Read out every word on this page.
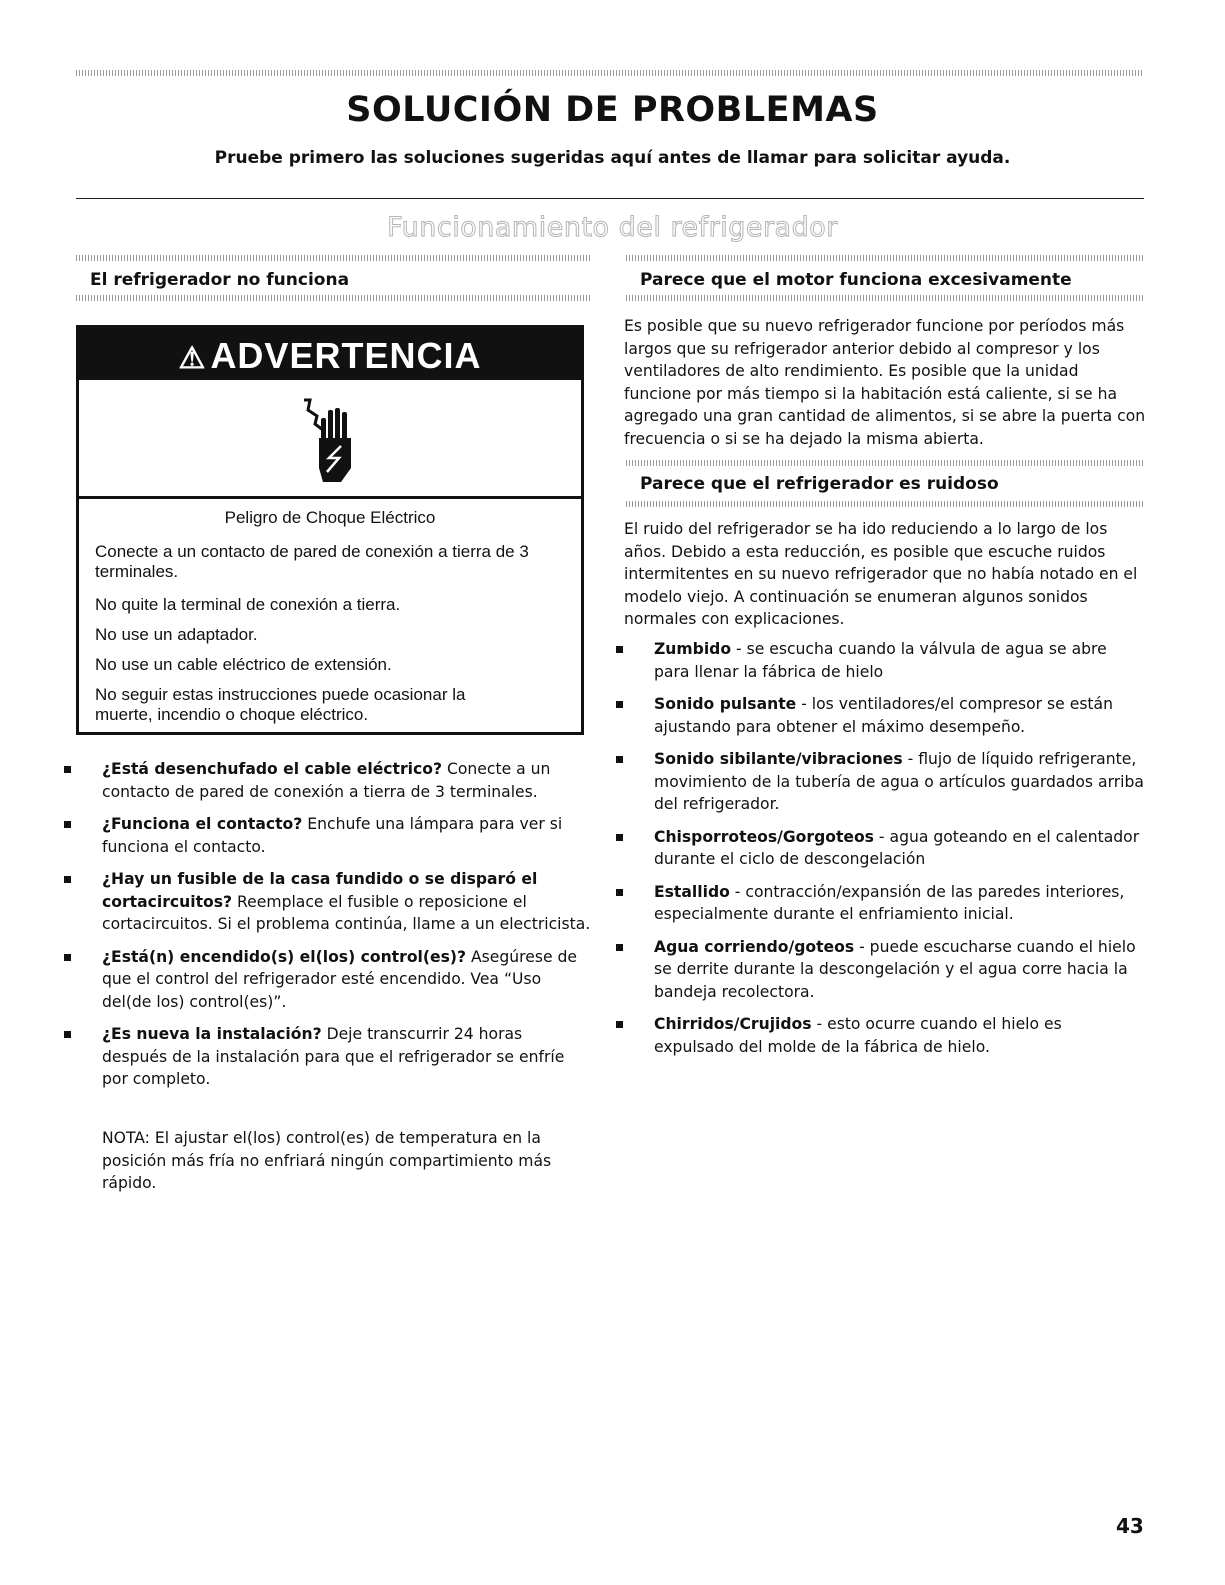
SOLUCIÓN DE PROBLEMAS

Pruebe primero las soluciones sugeridas aquí antes de llamar para solicitar ayuda.

Funcionamiento del refrigerador

El refrigerador no funciona	Parece que el motor funciona excesivamente

Es posible que su nuevo refrigerador funcione por períodos más largos que su refrigerador anterior debido al compresor y los ventiladores de alto rendimiento. Es posible que la unidad funcione por más tiempo si la habitación está caliente, si se ha agregado una gran cantidad de alimentos, si se abre la puerta con frecuencia o si se ha dejado la misma abierta.

Parece que el refrigerador es ruidoso

El ruido del refrigerador se ha ido reduciendo a lo largo de los años. Debido a esta reducción, es posible que escuche ruidos intermitentes en su nuevo refrigerador que no había notado en el modelo viejo. A continuación se enumeran algunos sonidos normales con explicaciones.

⚠ ADVERTENCIA

Peligro de Choque Eléctrico

Conecte a un contacto de pared de conexión a tierra de 3 terminales.

No quite la terminal de conexión a tierra.

No use un adaptador.

No use un cable eléctrico de extensión.

No seguir estas instrucciones puede ocasionar la muerte, incendio o choque eléctrico.

¿Está desenchufado el cable eléctrico? Conecte a un contacto de pared de conexión a tierra de 3 terminales.
¿Funciona el contacto? Enchufe una lámpara para ver si funciona el contacto.
¿Hay un fusible de la casa fundido o se disparó el cortacircuitos? Reemplace el fusible o reposicione el cortacircuitos. Si el problema continúa, llame a un electricista.
¿Está(n) encendido(s) el(los) control(es)? Asegúrese de que el control del refrigerador esté encendido. Vea “Uso del(de los) control(es)”.
¿Es nueva la instalación? Deje transcurrir 24 horas después de la instalación para que el refrigerador se enfríe por completo.

NOTA: El ajustar el(los) control(es) de temperatura en la posición más fría no enfriará ningún compartimiento más rápido.

Zumbido - se escucha cuando la válvula de agua se abre para llenar la fábrica de hielo
Sonido pulsante - los ventiladores/el compresor se están ajustando para obtener el máximo desempeño.
Sonido sibilante/vibraciones - flujo de líquido refrigerante, movimiento de la tubería de agua o artículos guardados arriba del refrigerador.
Chisporroteos/Gorgoteos - agua goteando en el calentador durante el ciclo de descongelación
Estallido - contracción/expansión de las paredes interiores, especialmente durante el enfriamiento inicial.
Agua corriendo/goteos - puede escucharse cuando el hielo se derrite durante la descongelación y el agua corre hacia la bandeja recolectora.
Chirridos/Crujidos - esto ocurre cuando el hielo es expulsado del molde de la fábrica de hielo.

43
